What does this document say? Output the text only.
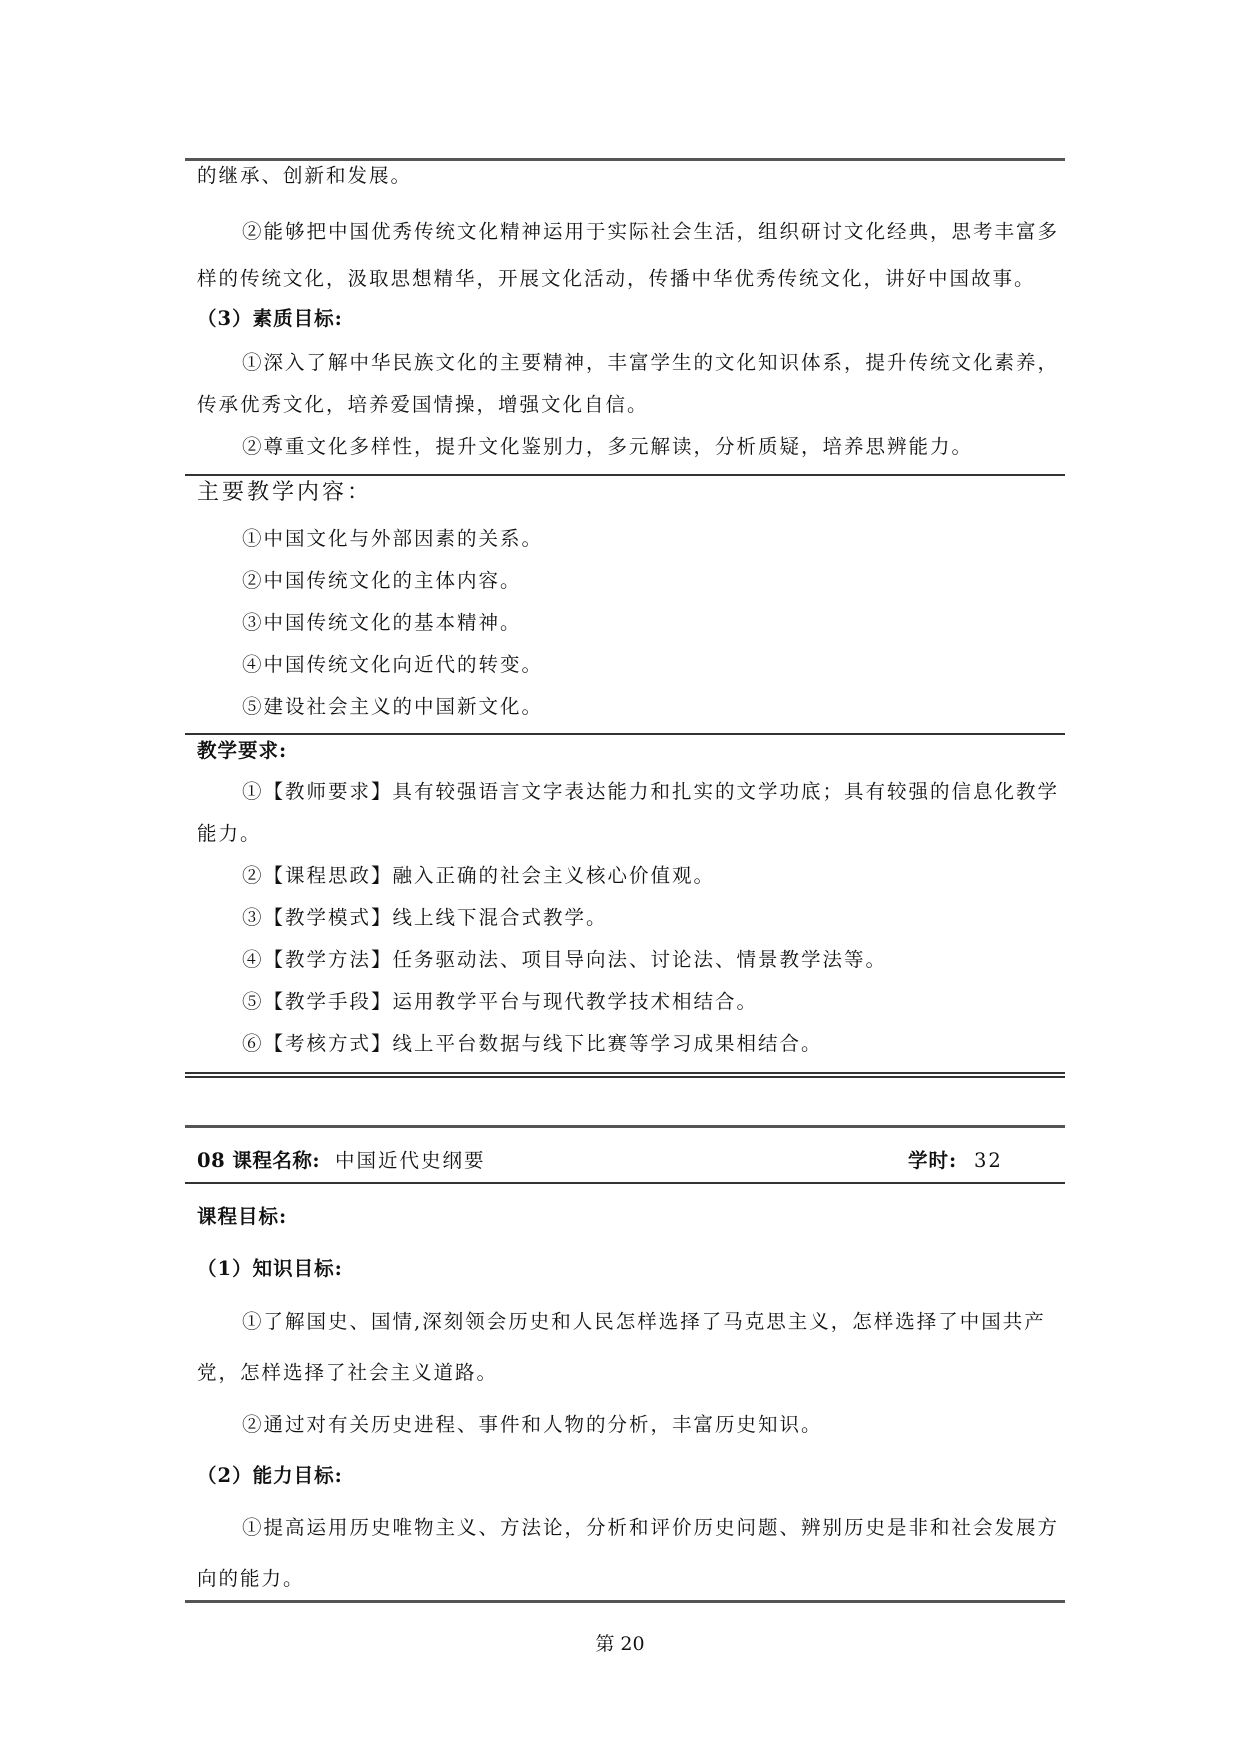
的继承、创新和发展。
②能够把中国优秀传统文化精神运用于实际社会生活，组织研讨文化经典，思考丰富多
样的传统文化，汲取思想精华，开展文化活动，传播中华优秀传统文化，讲好中国故事。
（3）素质目标:
①深入了解中华民族文化的主要精神，丰富学生的文化知识体系，提升传统文化素养，
传承优秀文化，培养爱国情操，增强文化自信。
②尊重文化多样性，提升文化鉴别力，多元解读，分析质疑，培养思辨能力。
主要教学内容：
①中国文化与外部因素的关系。
②中国传统文化的主体内容。
③中国传统文化的基本精神。
④中国传统文化向近代的转变。
⑤建设社会主义的中国新文化。
教学要求:
①【教师要求】具有较强语言文字表达能力和扎实的文学功底；具有较强的信息化教学
能力。
②【课程思政】融入正确的社会主义核心价值观。
③【教学模式】线上线下混合式教学。
④【教学方法】任务驱动法、项目导向法、讨论法、情景教学法等。
⑤【教学手段】运用教学平台与现代教学技术相结合。
⑥【考核方式】线上平台数据与线下比赛等学习成果相结合。
08 课程名称: 中国近代史纲要	学时: 32
课程目标:
（1）知识目标:
①了解国史、国情,深刻领会历史和人民怎样选择了马克思主义，怎样选择了中国共产
党，怎样选择了社会主义道路。
②通过对有关历史进程、事件和人物的分析，丰富历史知识。
（2）能力目标:
①提高运用历史唯物主义、方法论，分析和评价历史问题、辨别历史是非和社会发展方
向的能力。
第 20
